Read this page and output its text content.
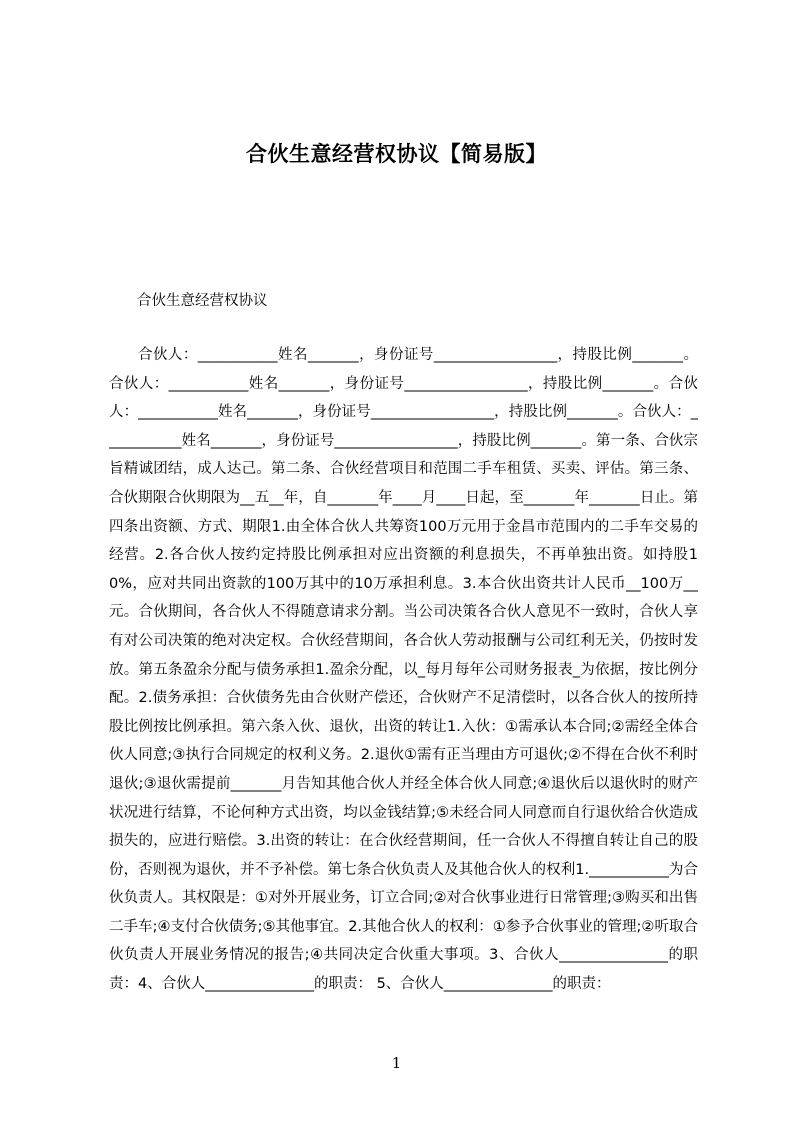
合伙生意经营权协议【简易版】

合伙生意经营权协议

合伙人：___________姓名_______，身份证号_________________，持股比例_______。合伙人：___________姓名_______，身份证号_________________，持股比例_______。合伙人：___________姓名_______，身份证号_________________，持股比例_______。合伙人：___________姓名_______，身份证号_________________，持股比例_______。第一条、合伙宗旨精诚团结，成人达己。第二条、合伙经营项目和范围二手车租赁、买卖、评估。第三条、合伙期限合伙期限为__五__年，自_______年____月____日起，至_______年_______日止。第四条出资额、方式、期限1.由全体合伙人共筹资100万元用于金昌市范围内的二手车交易的经营。2.各合伙人按约定持股比例承担对应出资额的利息损失，不再单独出资。如持股10%，应对共同出资款的100万其中的10万承担利息。3.本合伙出资共计人民币__100万__元。合伙期间，各合伙人不得随意请求分割。当公司决策各合伙人意见不一致时，合伙人享有对公司决策的绝对决定权。合伙经营期间，各合伙人劳动报酬与公司红利无关，仍按时发放。第五条盈余分配与债务承担1.盈余分配，以_每月每年公司财务报表_为依据，按比例分配。2.债务承担：合伙债务先由合伙财产偿还，合伙财产不足清偿时，以各合伙人的按所持股比例按比例承担。第六条入伙、退伙，出资的转让1.入伙：①需承认本合同;②需经全体合伙人同意;③执行合同规定的权利义务。2.退伙①需有正当理由方可退伙;②不得在合伙不利时退伙;③退伙需提前_______月告知其他合伙人并经全体合伙人同意;④退伙后以退伙时的财产状况进行结算，不论何种方式出资，均以金钱结算;⑤未经合同人同意而自行退伙给合伙造成损失的，应进行赔偿。3.出资的转让：在合伙经营期间，任一合伙人不得擅自转让自己的股份，否则视为退伙，并不予补偿。第七条合伙负责人及其他合伙人的权利1.___________为合伙负责人。其权限是：①对外开展业务，订立合同;②对合伙事业进行日常管理;③购买和出售二手车;④支付合伙债务;⑤其他事宜。2.其他合伙人的权利：①参予合伙事业的管理;②听取合伙负责人开展业务情况的报告;④共同决定合伙重大事项。3、合伙人_______________的职责：4、合伙人_______________的职责： 5、合伙人_______________的职责：

1
